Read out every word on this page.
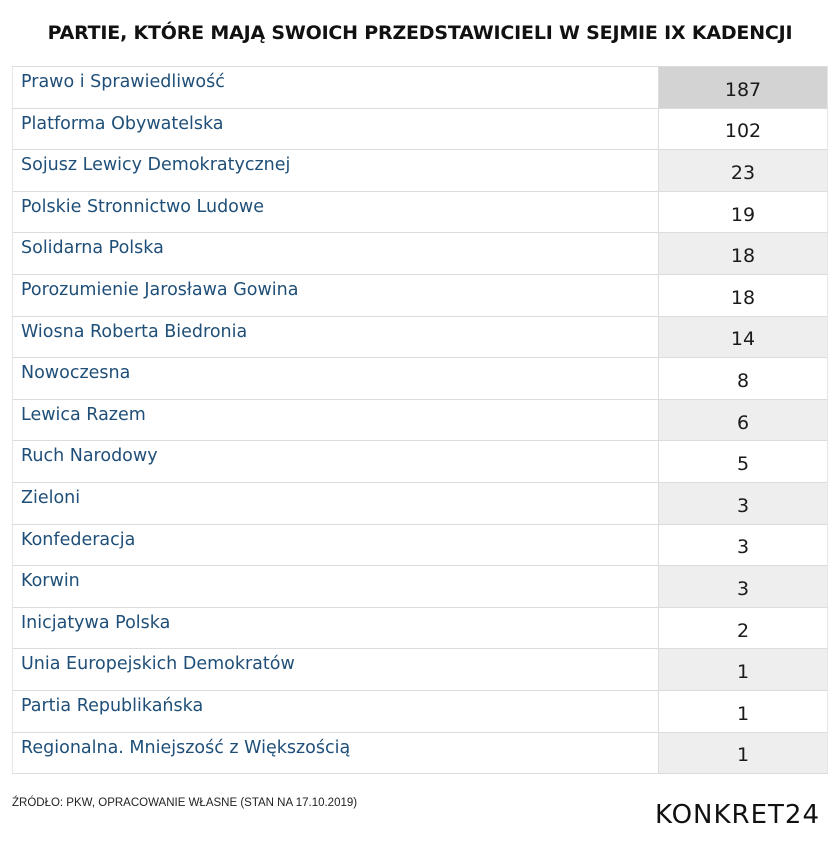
PARTIE, KTÓRE MAJĄ SWOICH PRZEDSTAWICIELI W SEJMIE IX KADENCJI
Prawo i Sprawiedliwość	187
Platforma Obywatelska	102
Sojusz Lewicy Demokratycznej	23
Polskie Stronnictwo Ludowe	19
Solidarna Polska	18
Porozumienie Jarosława Gowina	18
Wiosna Roberta Biedronia	14
Nowoczesna	8
Lewica Razem	6
Ruch Narodowy	5
Zieloni	3
Konfederacja	3
Korwin	3
Inicjatywa Polska	2
Unia Europejskich Demokratów	1
Partia Republikańska	1
Regionalna. Mniejszość z Większością	1
ŹRÓDŁO: PKW, OPRACOWANIE WŁASNE (STAN NA 17.10.2019)	KONKRET24
